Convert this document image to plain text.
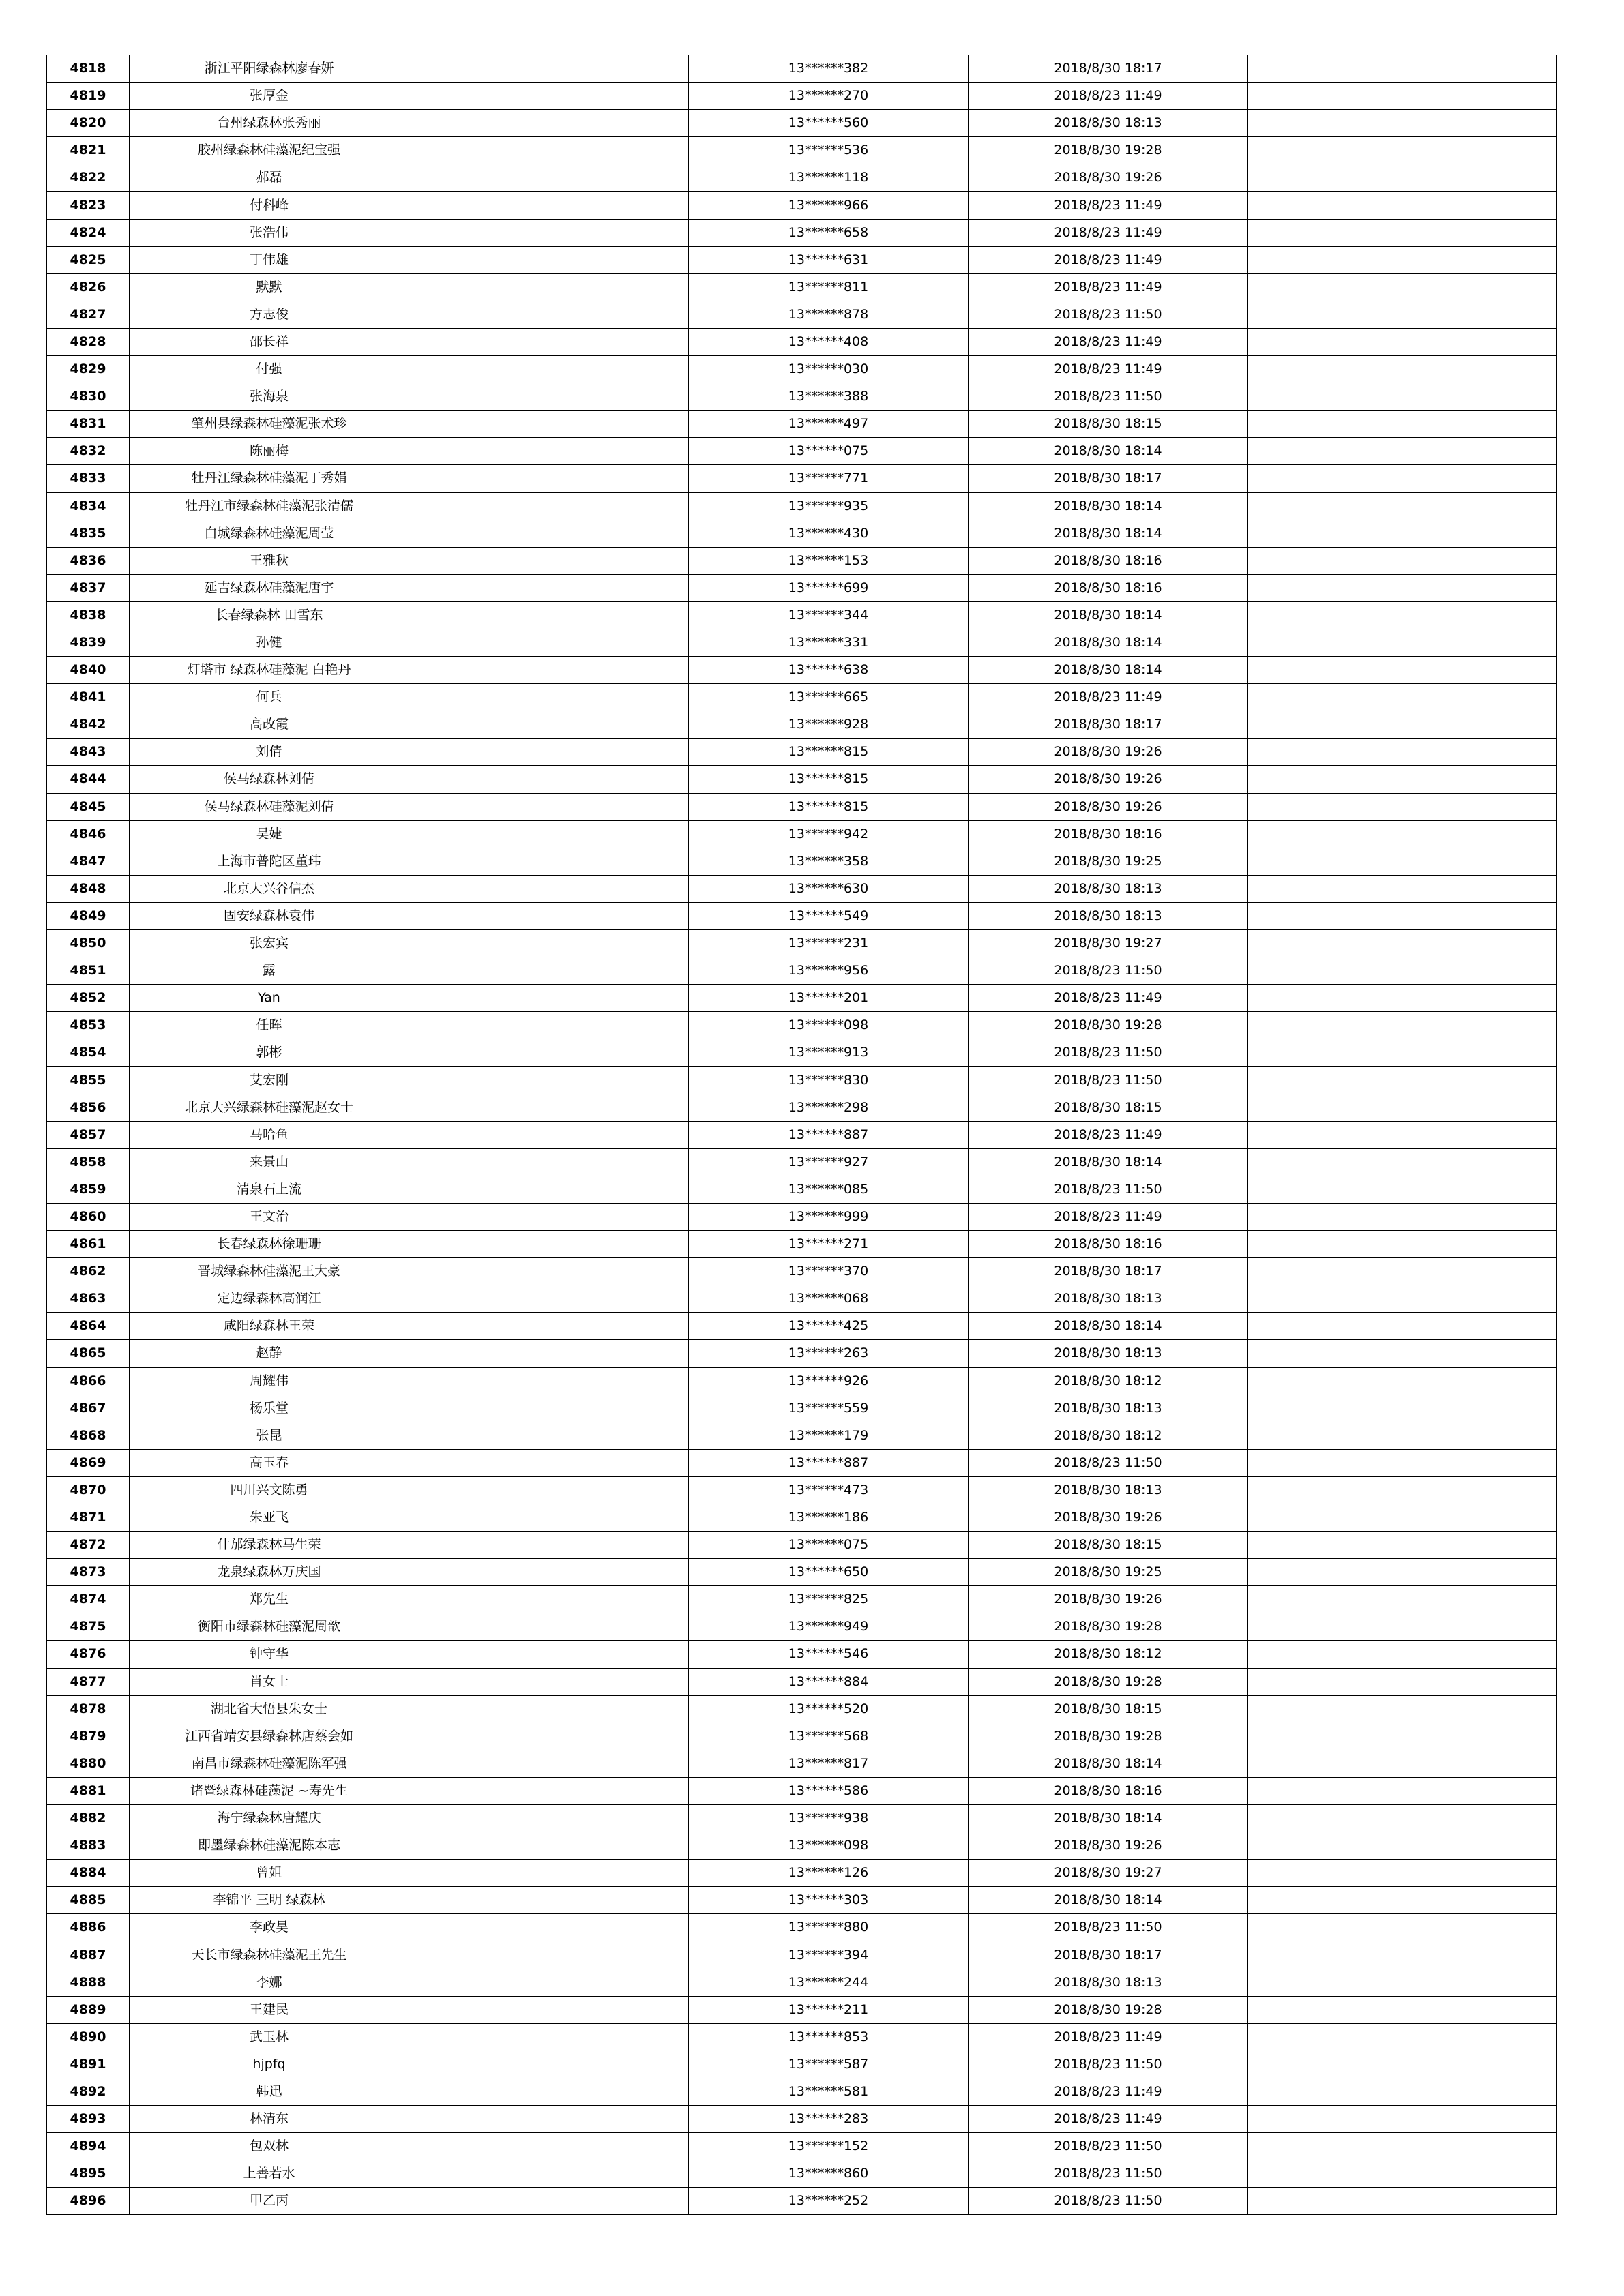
4818	浙江平阳绿森林廖春妍		13******382	2018/8/30 18:17	
4819	张厚金		13******270	2018/8/23 11:49	
4820	台州绿森林张秀丽		13******560	2018/8/30 18:13	
4821	胶州绿森林硅藻泥纪宝强		13******536	2018/8/30 19:28	
4822	郝磊		13******118	2018/8/30 19:26	
4823	付科峰		13******966	2018/8/23 11:49	
4824	张浩伟		13******658	2018/8/23 11:49	
4825	丁伟雄		13******631	2018/8/23 11:49	
4826	默默		13******811	2018/8/23 11:49	
4827	方志俊		13******878	2018/8/23 11:50	
4828	邵长祥		13******408	2018/8/23 11:49	
4829	付强		13******030	2018/8/23 11:49	
4830	张海泉		13******388	2018/8/23 11:50	
4831	肇州县绿森林硅藻泥张术珍		13******497	2018/8/30 18:15	
4832	陈丽梅		13******075	2018/8/30 18:14	
4833	牡丹江绿森林硅藻泥丁秀娟		13******771	2018/8/30 18:17	
4834	牡丹江市绿森林硅藻泥张清儒		13******935	2018/8/30 18:14	
4835	白城绿森林硅藻泥周莹		13******430	2018/8/30 18:14	
4836	王雅秋		13******153	2018/8/30 18:16	
4837	延吉绿森林硅藻泥唐宇		13******699	2018/8/30 18:16	
4838	长春绿森林 田雪东		13******344	2018/8/30 18:14	
4839	孙健		13******331	2018/8/30 18:14	
4840	灯塔市 绿森林硅藻泥 白艳丹		13******638	2018/8/30 18:14	
4841	何兵		13******665	2018/8/23 11:49	
4842	高改霞		13******928	2018/8/30 18:17	
4843	刘倩		13******815	2018/8/30 19:26	
4844	侯马绿森林刘倩		13******815	2018/8/30 19:26	
4845	侯马绿森林硅藻泥刘倩		13******815	2018/8/30 19:26	
4846	吴婕		13******942	2018/8/30 18:16	
4847	上海市普陀区董玮		13******358	2018/8/30 19:25	
4848	北京大兴谷信杰		13******630	2018/8/30 18:13	
4849	固安绿森林袁伟		13******549	2018/8/30 18:13	
4850	张宏宾		13******231	2018/8/30 19:27	
4851	露		13******956	2018/8/23 11:50	
4852	Yan		13******201	2018/8/23 11:49	
4853	任晖		13******098	2018/8/30 19:28	
4854	郭彬		13******913	2018/8/23 11:50	
4855	艾宏刚		13******830	2018/8/23 11:50	
4856	北京大兴绿森林硅藻泥赵女士		13******298	2018/8/30 18:15	
4857	马哈鱼		13******887	2018/8/23 11:49	
4858	来景山		13******927	2018/8/30 18:14	
4859	清泉石上流		13******085	2018/8/23 11:50	
4860	王文治		13******999	2018/8/23 11:49	
4861	长春绿森林徐珊珊		13******271	2018/8/30 18:16	
4862	晋城绿森林硅藻泥王大豪		13******370	2018/8/30 18:17	
4863	定边绿森林高润江		13******068	2018/8/30 18:13	
4864	咸阳绿森林王荣		13******425	2018/8/30 18:14	
4865	赵静		13******263	2018/8/30 18:13	
4866	周耀伟		13******926	2018/8/30 18:12	
4867	杨乐堂		13******559	2018/8/30 18:13	
4868	张昆		13******179	2018/8/30 18:12	
4869	高玉春		13******887	2018/8/23 11:50	
4870	四川兴文陈勇		13******473	2018/8/30 18:13	
4871	朱亚飞		13******186	2018/8/30 19:26	
4872	什邡绿森林马生荣		13******075	2018/8/30 18:15	
4873	龙泉绿森林万庆国		13******650	2018/8/30 19:25	
4874	郑先生		13******825	2018/8/30 19:26	
4875	衡阳市绿森林硅藻泥周歆		13******949	2018/8/30 19:28	
4876	钟守华		13******546	2018/8/30 18:12	
4877	肖女士		13******884	2018/8/30 19:28	
4878	湖北省大悟县朱女士		13******520	2018/8/30 18:15	
4879	江西省靖安县绿森林店蔡会如		13******568	2018/8/30 19:28	
4880	南昌市绿森林硅藻泥陈军强		13******817	2018/8/30 18:14	
4881	诸暨绿森林硅藻泥 ~寿先生		13******586	2018/8/30 18:16	
4882	海宁绿森林唐耀庆		13******938	2018/8/30 18:14	
4883	即墨绿森林硅藻泥陈本志		13******098	2018/8/30 19:26	
4884	曾姐		13******126	2018/8/30 19:27	
4885	李锦平 三明 绿森林		13******303	2018/8/30 18:14	
4886	李政昊		13******880	2018/8/23 11:50	
4887	天长市绿森林硅藻泥王先生		13******394	2018/8/30 18:17	
4888	李娜		13******244	2018/8/30 18:13	
4889	王建民		13******211	2018/8/30 19:28	
4890	武玉林		13******853	2018/8/23 11:49	
4891	hjpfq		13******587	2018/8/23 11:50	
4892	韩迅		13******581	2018/8/23 11:49	
4893	林清东		13******283	2018/8/23 11:49	
4894	包双林		13******152	2018/8/23 11:50	
4895	上善若水		13******860	2018/8/23 11:50	
4896	甲乙丙		13******252	2018/8/23 11:50	
